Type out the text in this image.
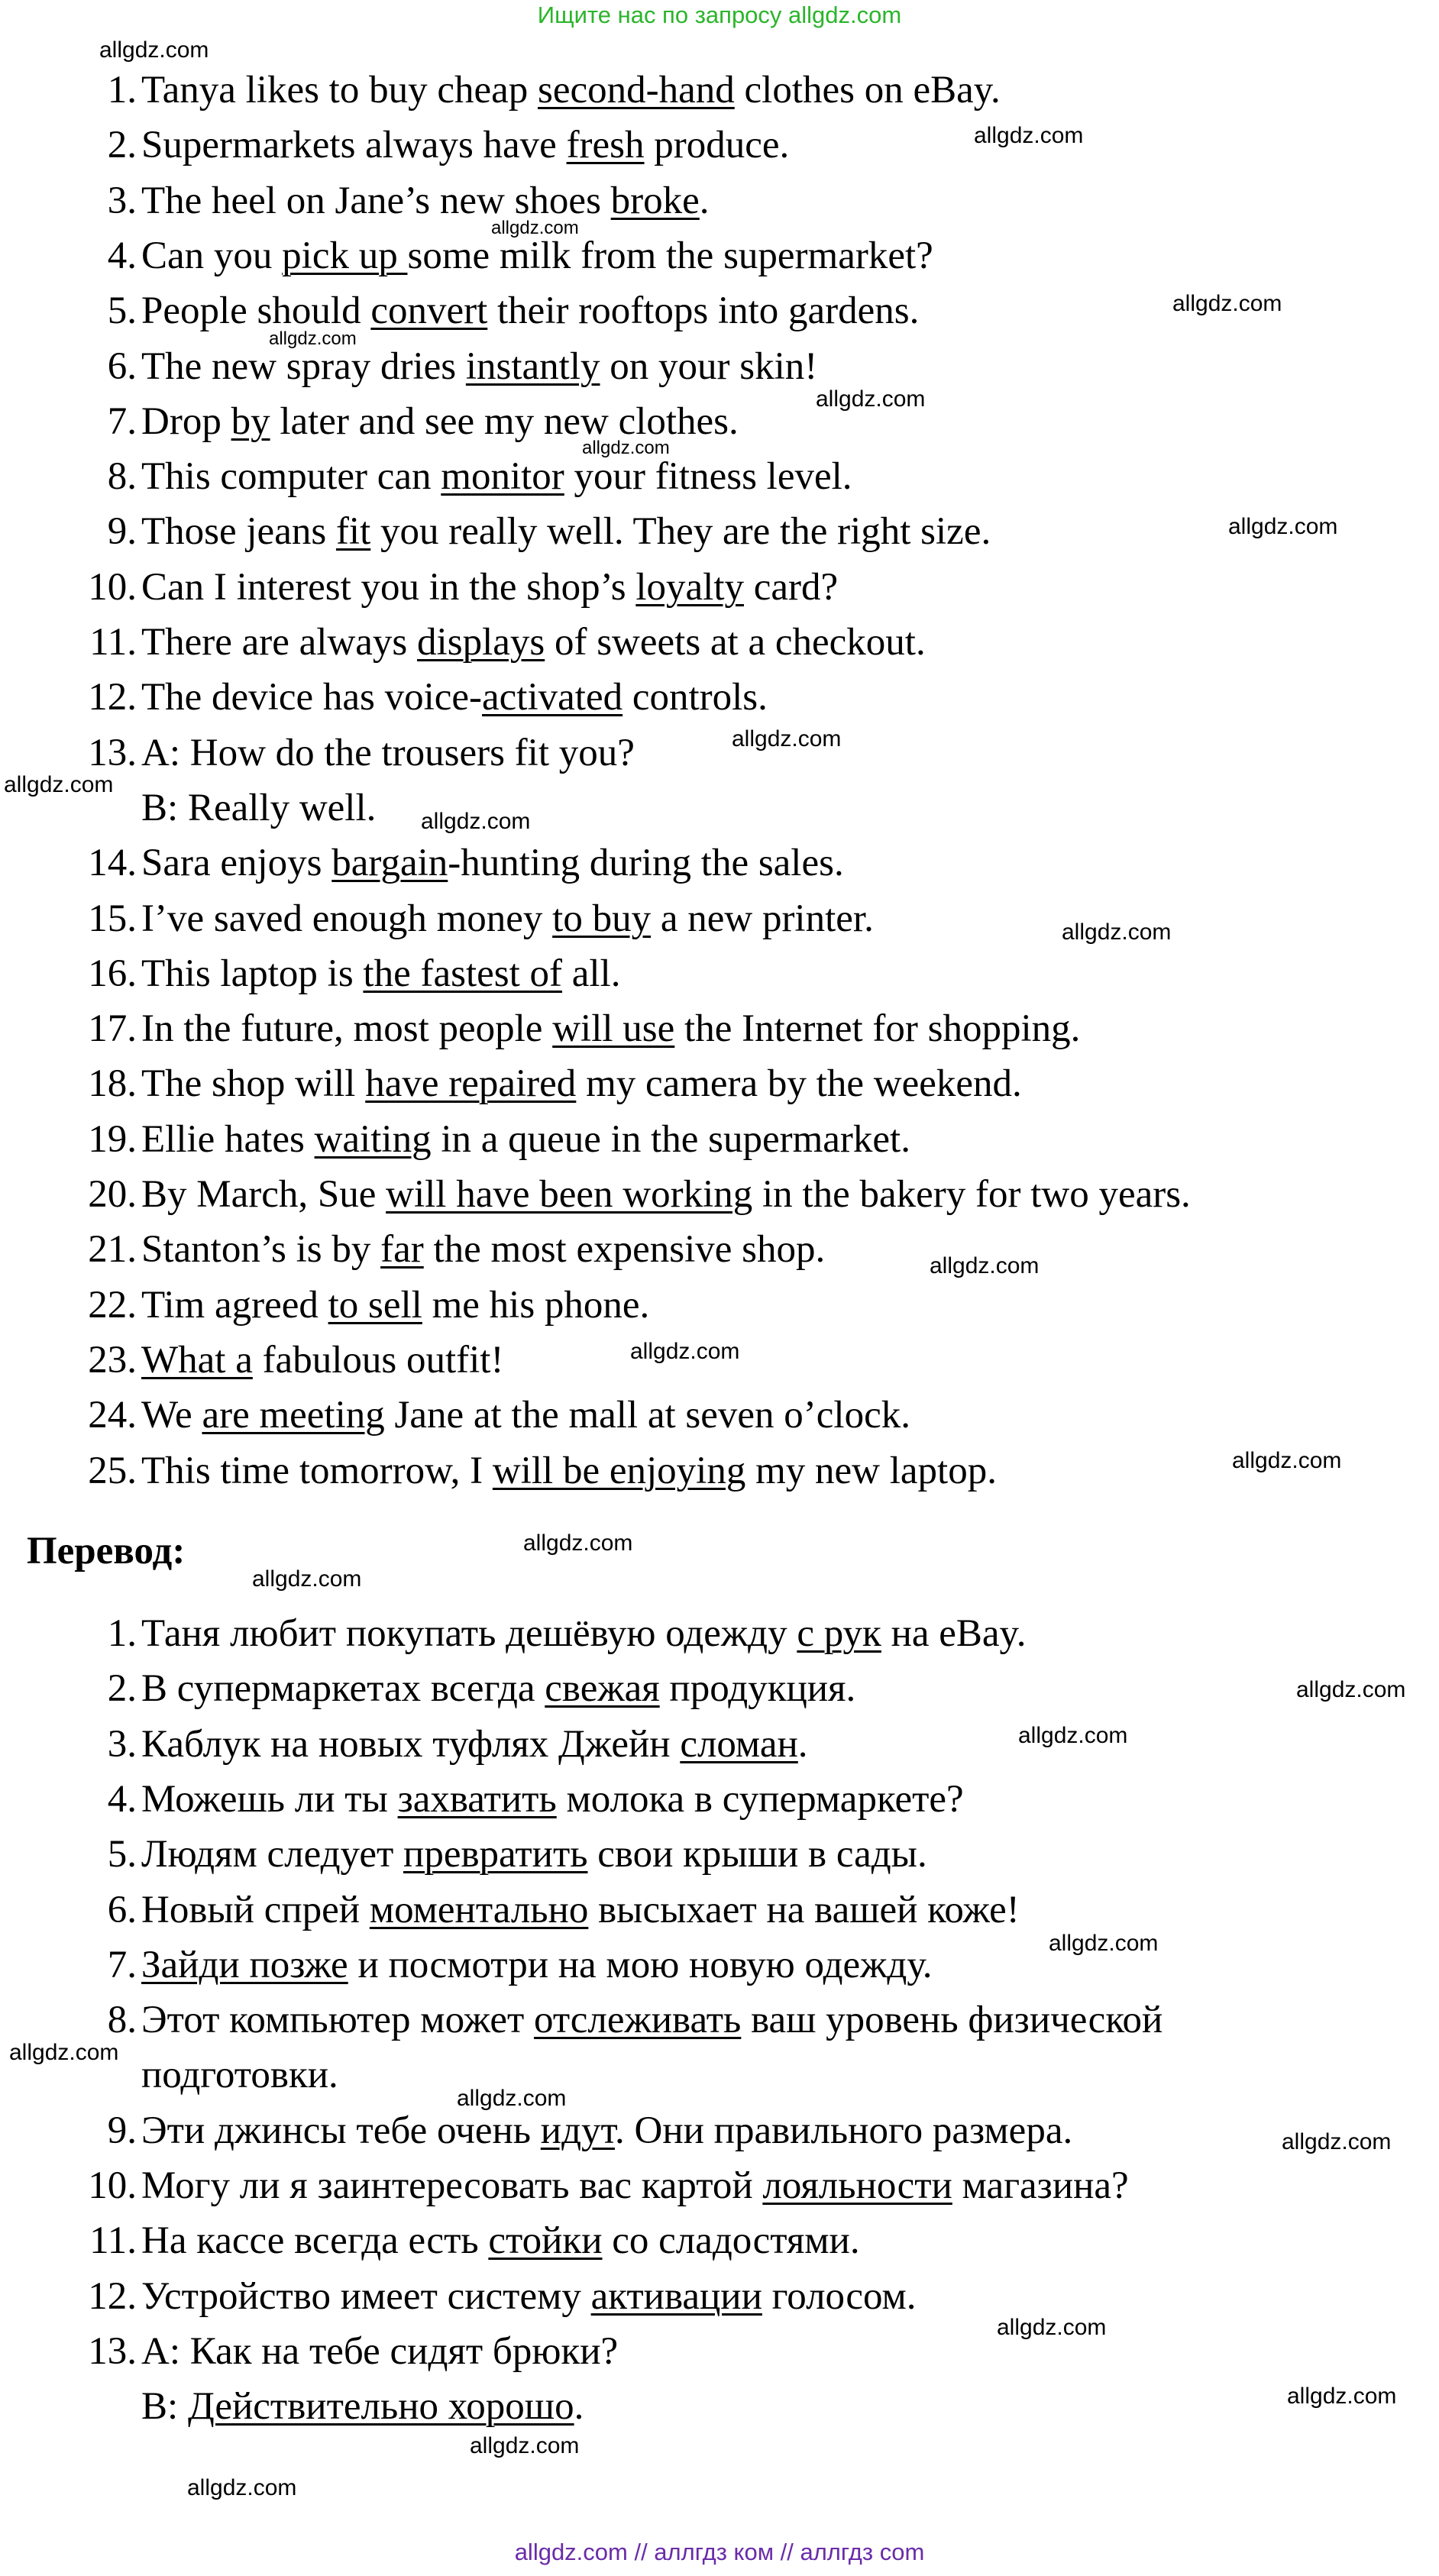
Ищите нас по запросу allgdz.com
1. Tanya likes to buy cheap second-hand clothes on eBay.
2. Supermarkets always have fresh produce.
3. The heel on Jane’s new shoes broke.
4. Can you pick up some milk from the supermarket?
5. People should convert their rooftops into gardens.
6. The new spray dries instantly on your skin!
7. Drop by later and see my new clothes.
8. This computer can monitor your fitness level.
9. Those jeans fit you really well. They are the right size.
10. Can I interest you in the shop’s loyalty card?
11. There are always displays of sweets at a checkout.
12. The device has voice-activated controls.
13. A: How do the trousers fit you?
B: Really well.
14. Sara enjoys bargain-hunting during the sales.
15. I’ve saved enough money to buy a new printer.
16. This laptop is the fastest of all.
17. In the future, most people will use the Internet for shopping.
18. The shop will have repaired my camera by the weekend.
19. Ellie hates waiting in a queue in the supermarket.
20. By March, Sue will have been working in the bakery for two years.
21. Stanton’s is by far the most expensive shop.
22. Tim agreed to sell me his phone.
23. What a fabulous outfit!
24. We are meeting Jane at the mall at seven o’clock.
25. This time tomorrow, I will be enjoying my new laptop.
Перевод:
1. Таня любит покупать дешёвую одежду с рук на eBay.
2. В супермаркетах всегда свежая продукция.
3. Каблук на новых туфлях Джейн сломан.
4. Можешь ли ты захватить молока в супермаркете?
5. Людям следует превратить свои крыши в сады.
6. Новый спрей моментально высыхает на вашей коже!
7. Зайди позже и посмотри на мою новую одежду.
8. Этот компьютер может отслеживать ваш уровень физической
подготовки.
9. Эти джинсы тебе очень идут. Они правильного размера.
10. Могу ли я заинтересовать вас картой лояльности магазина?
11. На кассе всегда есть стойки со сладостями.
12. Устройство имеет систему активации голосом.
13. А: Как на тебе сидят брюки?
В: Действительно хорошо.
allgdz.com
allgdz.com
allgdz.com
allgdz.com
allgdz.com
allgdz.com
allgdz.com
allgdz.com
allgdz.com
allgdz.com
allgdz.com
allgdz.com
allgdz.com
allgdz.com
allgdz.com
allgdz.com
allgdz.com
allgdz.com
allgdz.com
allgdz.com
allgdz.com
allgdz.com
allgdz.com
allgdz.com
allgdz.com
allgdz.com
allgdz.com
allgdz.com // аллгдз ком // аллгдз com
